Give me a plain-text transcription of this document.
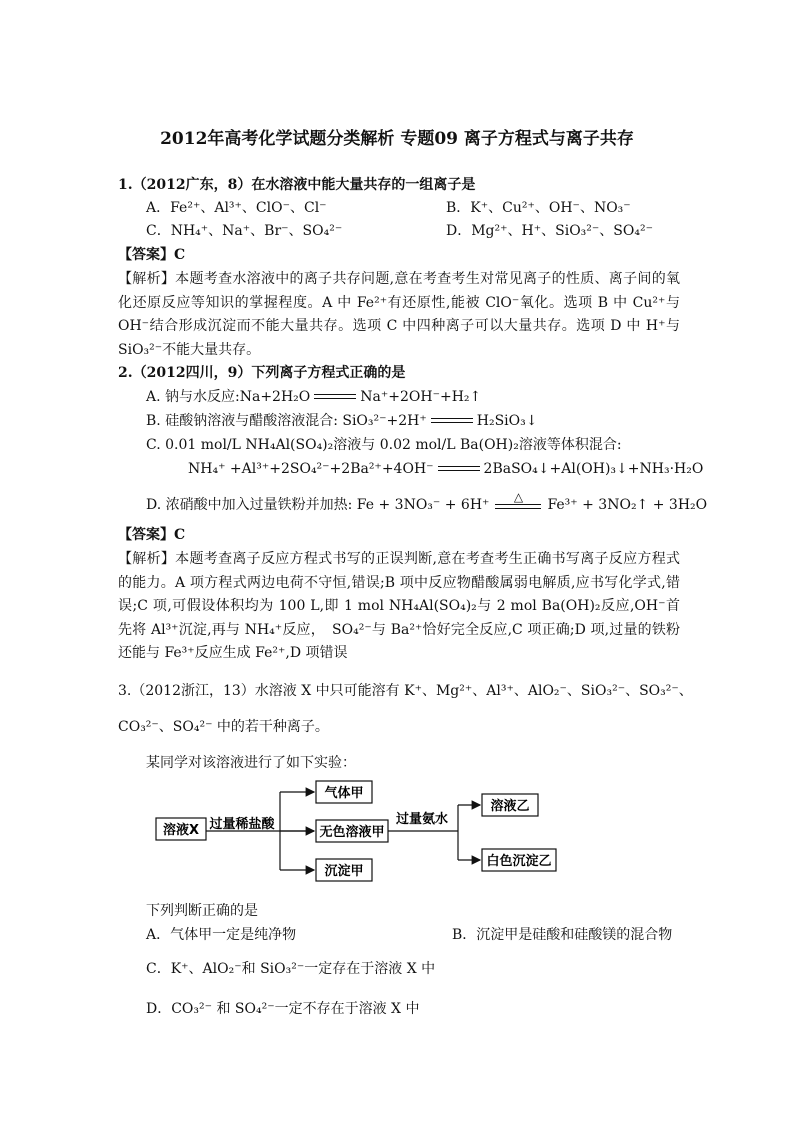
2012年高考化学试题分类解析 专题09 离子方程式与离子共存
1.（2012广东，8）在水溶液中能大量共存的一组离子是
A．Fe²⁺、Al³⁺、ClO⁻、Cl⁻	B．K⁺、Cu²⁺、OH⁻、NO₃⁻
C．NH₄⁺、Na⁺、Br⁻、SO₄²⁻	D．Mg²⁺、H⁺、SiO₃²⁻、SO₄²⁻
【答案】C
【解析】本题考查水溶液中的离子共存问题,意在考查考生对常见离子的性质、离子间的氧化还原反应等知识的掌握程度。A 中 Fe²⁺有还原性,能被 ClO⁻氧化。选项 B 中 Cu²⁺与 OH⁻结合形成沉淀而不能大量共存。选项 C 中四种离子可以大量共存。选项 D 中 H⁺与 SiO₃²⁻不能大量共存。
2.（2012四川，9）下列离子方程式正确的是
A. 钠与水反应:Na+2H₂O	Na⁺+2OH⁻+H₂↑
B. 硅酸钠溶液与醋酸溶液混合: SiO₃²⁻+2H⁺	H₂SiO₃↓
C. 0.01 mol/L NH₄Al(SO₄)₂溶液与 0.02 mol/L Ba(OH)₂溶液等体积混合:
NH₄⁺ +Al³⁺+2SO₄²⁻+2Ba²⁺+4OH⁻	2BaSO₄↓+Al(OH)₃↓+NH₃·H₂O
D. 浓硝酸中加入过量铁粉并加热: Fe + 3NO₃⁻ + 6H⁺	△	Fe³⁺ + 3NO₂↑ + 3H₂O
【答案】C
【解析】本题考查离子反应方程式书写的正误判断,意在考查考生正确书写离子反应方程式的能力。A 项方程式两边电荷不守恒,错误;B 项中反应物醋酸属弱电解质,应书写化学式,错误;C 项,可假设体积均为 100 L,即 1 mol NH₄Al(SO₄)₂与 2 mol Ba(OH)₂反应,OH⁻首先将 Al³⁺沉淀,再与 NH₄⁺反应，　SO₄²⁻与 Ba²⁺恰好完全反应,C 项正确;D 项,过量的铁粉还能与 Fe³⁺反应生成 Fe²⁺,D 项错误
3.（2012浙江，13）水溶液 X 中只可能溶有 K⁺、Mg²⁺、Al³⁺、AlO₂⁻、SiO₃²⁻、SO₃²⁻、
CO₃²⁻、SO₄²⁻ 中的若干种离子。
某同学对该溶液进行了如下实验：
溶液X 过量稀盐酸
气体甲
无色溶液甲
沉淀甲
过量氨水
溶液乙
白色沉淀乙
下列判断正确的是
A．气体甲一定是纯净物	B．沉淀甲是硅酸和硅酸镁的混合物
C．K⁺、AlO₂⁻和 SiO₃²⁻一定存在于溶液 X 中
D．CO₃²⁻ 和 SO₄²⁻一定不存在于溶液 X 中
